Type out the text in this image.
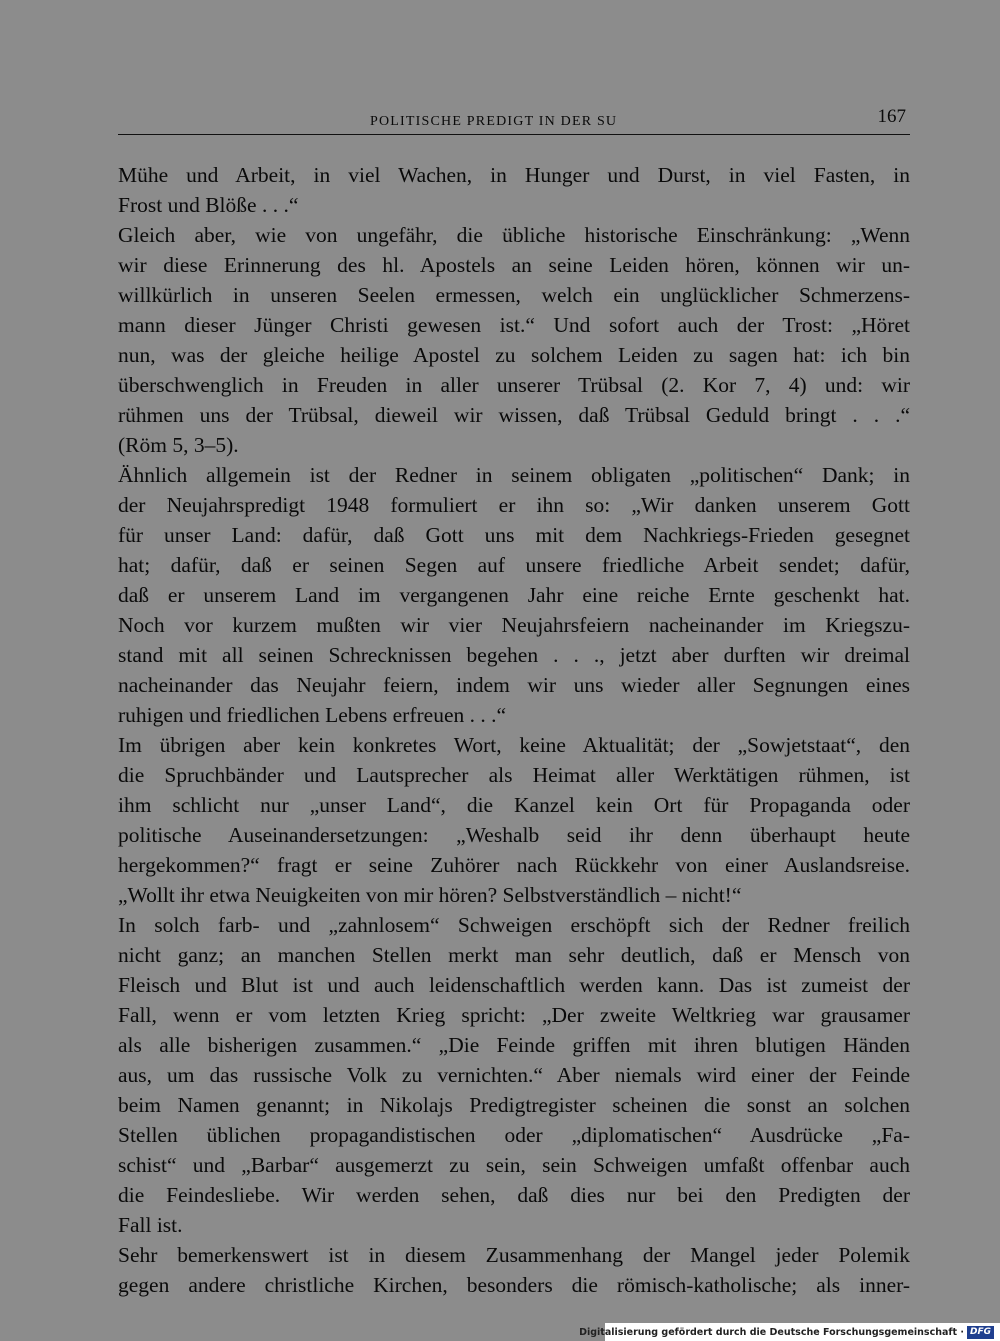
POLITISCHE PREDIGT IN DER SU	167
Mühe und Arbeit, in viel Wachen, in Hunger und Durst, in viel Fasten, in
Frost und Blöße . . .“
Gleich aber, wie von ungefähr, die übliche historische Einschränkung: „Wenn
wir diese Erinnerung des hl. Apostels an seine Leiden hören, können wir un-
willkürlich in unseren Seelen ermessen, welch ein unglücklicher Schmerzens-
mann dieser Jünger Christi gewesen ist.“ Und sofort auch der Trost: „Höret
nun, was der gleiche heilige Apostel zu solchem Leiden zu sagen hat: ich bin
überschwenglich in Freuden in aller unserer Trübsal (2. Kor 7, 4) und: wir
rühmen uns der Trübsal, dieweil wir wissen, daß Trübsal Geduld bringt . . .“
(Röm 5, 3–5).
Ähnlich allgemein ist der Redner in seinem obligaten „politischen“ Dank; in
der Neujahrspredigt 1948 formuliert er ihn so: „Wir danken unserem Gott
für unser Land: dafür, daß Gott uns mit dem Nachkriegs-Frieden gesegnet
hat; dafür, daß er seinen Segen auf unsere friedliche Arbeit sendet; dafür,
daß er unserem Land im vergangenen Jahr eine reiche Ernte geschenkt hat.
Noch vor kurzem mußten wir vier Neujahrsfeiern nacheinander im Kriegszu-
stand mit all seinen Schrecknissen begehen . . ., jetzt aber durften wir dreimal
nacheinander das Neujahr feiern, indem wir uns wieder aller Segnungen eines
ruhigen und friedlichen Lebens erfreuen . . .“
Im übrigen aber kein konkretes Wort, keine Aktualität; der „Sowjetstaat“, den
die Spruchbänder und Lautsprecher als Heimat aller Werktätigen rühmen, ist
ihm schlicht nur „unser Land“, die Kanzel kein Ort für Propaganda oder
politische Auseinandersetzungen: „Weshalb seid ihr denn überhaupt heute
hergekommen?“ fragt er seine Zuhörer nach Rückkehr von einer Auslandsreise.
„Wollt ihr etwa Neuigkeiten von mir hören? Selbstverständlich – nicht!“
In solch farb- und „zahnlosem“ Schweigen erschöpft sich der Redner freilich
nicht ganz; an manchen Stellen merkt man sehr deutlich, daß er Mensch von
Fleisch und Blut ist und auch leidenschaftlich werden kann. Das ist zumeist der
Fall, wenn er vom letzten Krieg spricht: „Der zweite Weltkrieg war grausamer
als alle bisherigen zusammen.“ „Die Feinde griffen mit ihren blutigen Händen
aus, um das russische Volk zu vernichten.“ Aber niemals wird einer der Feinde
beim Namen genannt; in Nikolajs Predigtregister scheinen die sonst an solchen
Stellen üblichen propagandistischen oder „diplomatischen“ Ausdrücke „Fa-
schist“ und „Barbar“ ausgemerzt zu sein, sein Schweigen umfaßt offenbar auch
die Feindesliebe. Wir werden sehen, daß dies nur bei den Predigten der
Fall ist.
Sehr bemerkenswert ist in diesem Zusammenhang der Mangel jeder Polemik
gegen andere christliche Kirchen, besonders die römisch-katholische; als inner-
Digitalisierung gefördert durch die Deutsche Forschungsgemeinschaft · DFG
